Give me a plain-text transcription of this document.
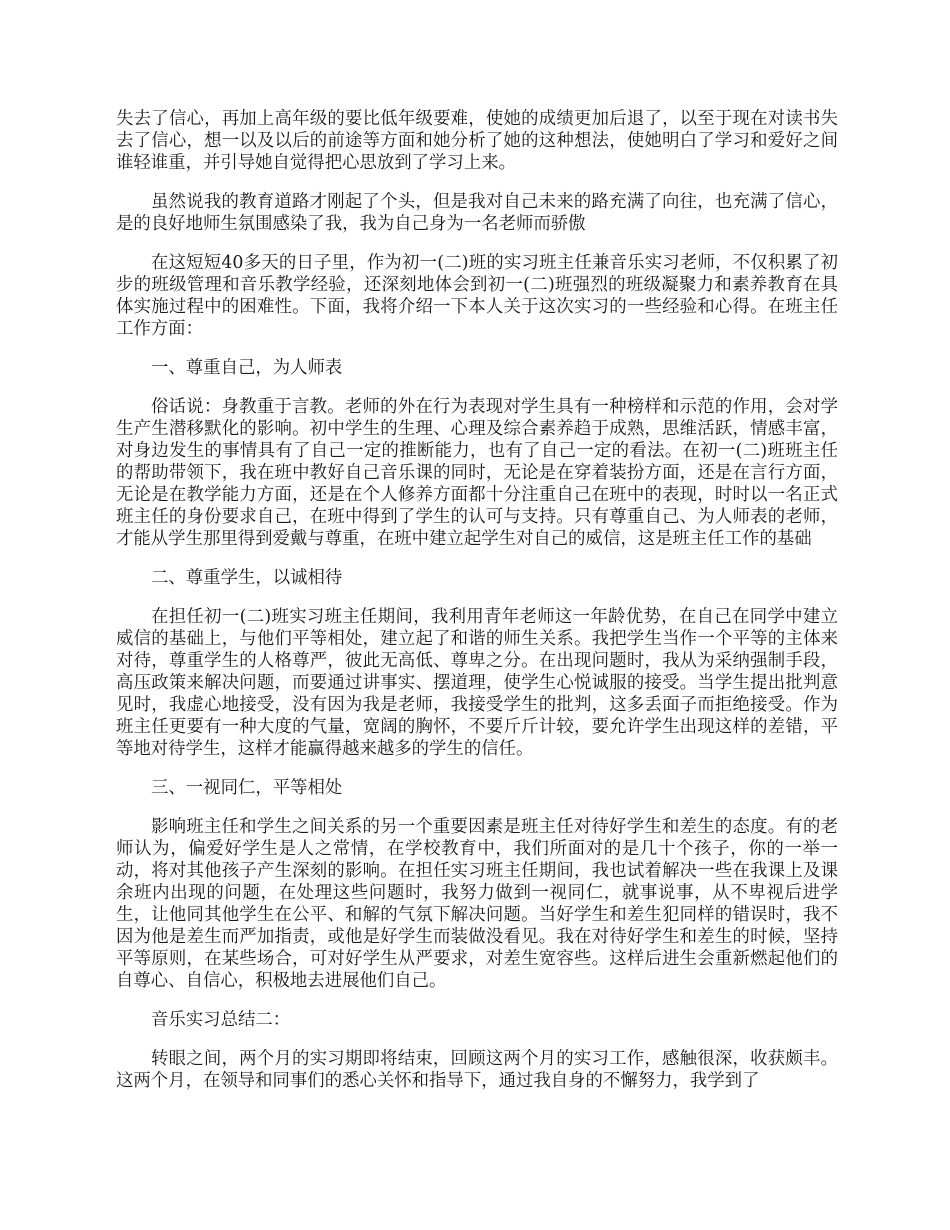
失去了信心，再加上高年级的要比低年级要难，使她的成绩更加后退了，以至于现在对读书失去了信心，想一以及以后的前途等方面和她分析了她的这种想法，使她明白了学习和爱好之间谁轻谁重，并引导她自觉得把心思放到了学习上来。

虽然说我的教育道路才刚起了个头，但是我对自己未来的路充满了向往，也充满了信心，是的良好地师生氛围感染了我，我为自己身为一名老师而骄傲

在这短短40多天的日子里，作为初一(二)班的实习班主任兼音乐实习老师，不仅积累了初步的班级管理和音乐教学经验，还深刻地体会到初一(二)班强烈的班级凝聚力和素养教育在具体实施过程中的困难性。下面，我将介绍一下本人关于这次实习的一些经验和心得。在班主任工作方面：

一、尊重自己，为人师表

俗话说：身教重于言教。老师的外在行为表现对学生具有一种榜样和示范的作用，会对学生产生潜移默化的影响。初中学生的生理、心理及综合素养趋于成熟，思维活跃，情感丰富，对身边发生的事情具有了自己一定的推断能力，也有了自己一定的看法。在初一(二)班班主任的帮助带领下，我在班中教好自己音乐课的同时，无论是在穿着装扮方面，还是在言行方面，无论是在教学能力方面，还是在个人修养方面都十分注重自己在班中的表现，时时以一名正式班主任的身份要求自己，在班中得到了学生的认可与支持。只有尊重自己、为人师表的老师，才能从学生那里得到爱戴与尊重，在班中建立起学生对自己的威信，这是班主任工作的基础

二、尊重学生，以诚相待

在担任初一(二)班实习班主任期间，我利用青年老师这一年龄优势，在自己在同学中建立威信的基础上，与他们平等相处，建立起了和谐的师生关系。我把学生当作一个平等的主体来对待，尊重学生的人格尊严，彼此无高低、尊卑之分。在出现问题时，我从为采纳强制手段，高压政策来解决问题，而要通过讲事实、摆道理，使学生心悦诚服的接受。当学生提出批判意见时，我虚心地接受，没有因为我是老师，我接受学生的批判，这多丢面子而拒绝接受。作为班主任更要有一种大度的气量，宽阔的胸怀，不要斤斤计较，要允许学生出现这样的差错，平等地对待学生，这样才能赢得越来越多的学生的信任。

三、一视同仁，平等相处

影响班主任和学生之间关系的另一个重要因素是班主任对待好学生和差生的态度。有的老师认为，偏爱好学生是人之常情，在学校教育中，我们所面对的是几十个孩子，你的一举一动，将对其他孩子产生深刻的影响。在担任实习班主任期间，我也试着解决一些在我课上及课余班内出现的问题，在处理这些问题时，我努力做到一视同仁，就事说事，从不卑视后进学生，让他同其他学生在公平、和解的气氛下解决问题。当好学生和差生犯同样的错误时，我不因为他是差生而严加指责，或他是好学生而装做没看见。我在对待好学生和差生的时候，坚持平等原则，在某些场合，可对好学生从严要求，对差生宽容些。这样后进生会重新燃起他们的自尊心、自信心，积极地去进展他们自己。

音乐实习总结二：

转眼之间，两个月的实习期即将结束，回顾这两个月的实习工作，感触很深，收获颇丰。这两个月，在领导和同事们的悉心关怀和指导下，通过我自身的不懈努力，我学到了
